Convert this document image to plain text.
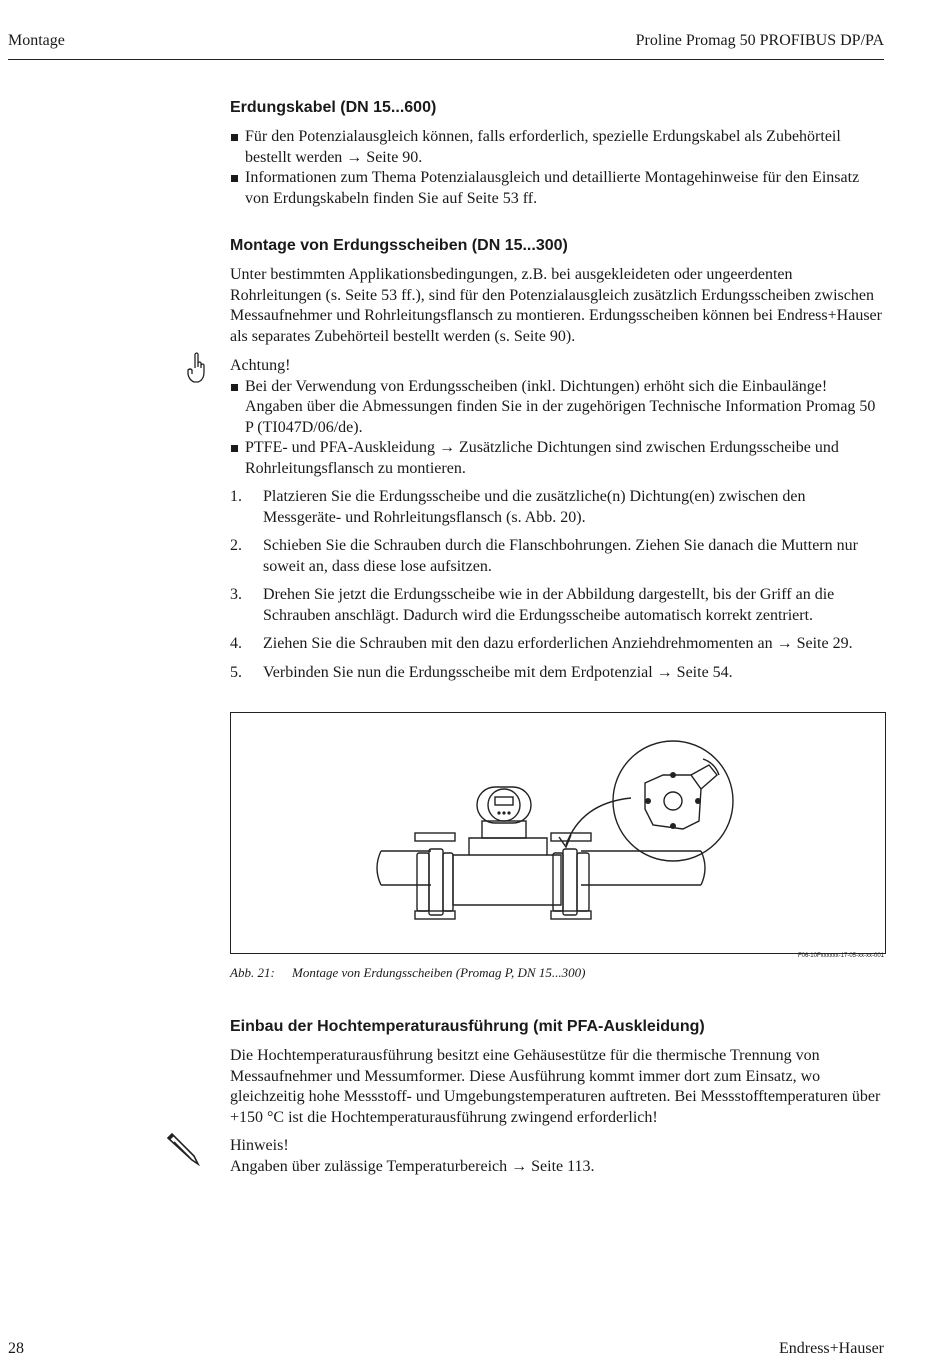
Montage	Proline Promag 50 PROFIBUS DP/PA
Erdungskabel (DN 15...600)
Für den Potenzialausgleich können, falls erforderlich, spezielle Erdungskabel als Zubehörteil bestellt werden → Seite 90.
Informationen zum Thema Potenzialausgleich und detaillierte Montagehinweise für den Einsatz von Erdungskabeln finden Sie auf Seite 53 ff.
Montage von Erdungsscheiben (DN 15...300)

Unter bestimmten Applikationsbedingungen, z.B. bei ausgekleideten oder ungeerdenten Rohrleitungen (s. Seite 53 ff.), sind für den Potenzialausgleich zusätzlich Erdungsscheiben zwischen Messaufnehmer und Rohrleitungsflansch zu montieren. Erdungsscheiben können bei Endress+Hauser als separates Zubehörteil bestellt werden (s. Seite 90).

Achtung!

Bei der Verwendung von Erdungsscheiben (inkl. Dichtungen) erhöht sich die Einbaulänge! Angaben über die Abmessungen finden Sie in der zugehörigen Technische Information Promag 50 P (TI047D/06/de).
PTFE- und PFA-Auskleidung → Zusätzliche Dichtungen sind zwischen Erdungsscheibe und Rohrleitungsflansch zu montieren.
1. Platzieren Sie die Erdungsscheibe und die zusätzliche(n) Dichtung(en) zwischen den Messgeräte- und Rohrleitungsflansch (s. Abb. 20).
2. Schieben Sie die Schrauben durch die Flanschbohrungen. Ziehen Sie danach die Muttern nur soweit an, dass diese lose aufsitzen.
3. Drehen Sie jetzt die Erdungsscheibe wie in der Abbildung dargestellt, bis der Griff an die Schrauben anschlägt. Dadurch wird die Erdungsscheibe automatisch korrekt zentriert.
4. Ziehen Sie die Schrauben mit den dazu erforderlichen Anziehdrehmomenten an → Seite 29.
5. Verbinden Sie nun die Erdungsscheibe mit dem Erdpotenzial → Seite 54.
F06-10Fxxxxxx-17-05-xx-xx-001
Abb. 21: Montage von Erdungsscheiben (Promag P, DN 15...300)
Einbau der Hochtemperaturausführung (mit PFA-Auskleidung)

Die Hochtemperaturausführung besitzt eine Gehäusestütze für die thermische Trennung von Messaufnehmer und Messumformer. Diese Ausführung kommt immer dort zum Einsatz, wo gleichzeitig hohe Messstoff- und Umgebungstemperaturen auftreten. Bei Messstofftemperaturen über +150 °C ist die Hochtemperaturausführung zwingend erforderlich!

Hinweis!

Angaben über zulässige Temperaturbereich → Seite 113.

28	Endress+Hauser
